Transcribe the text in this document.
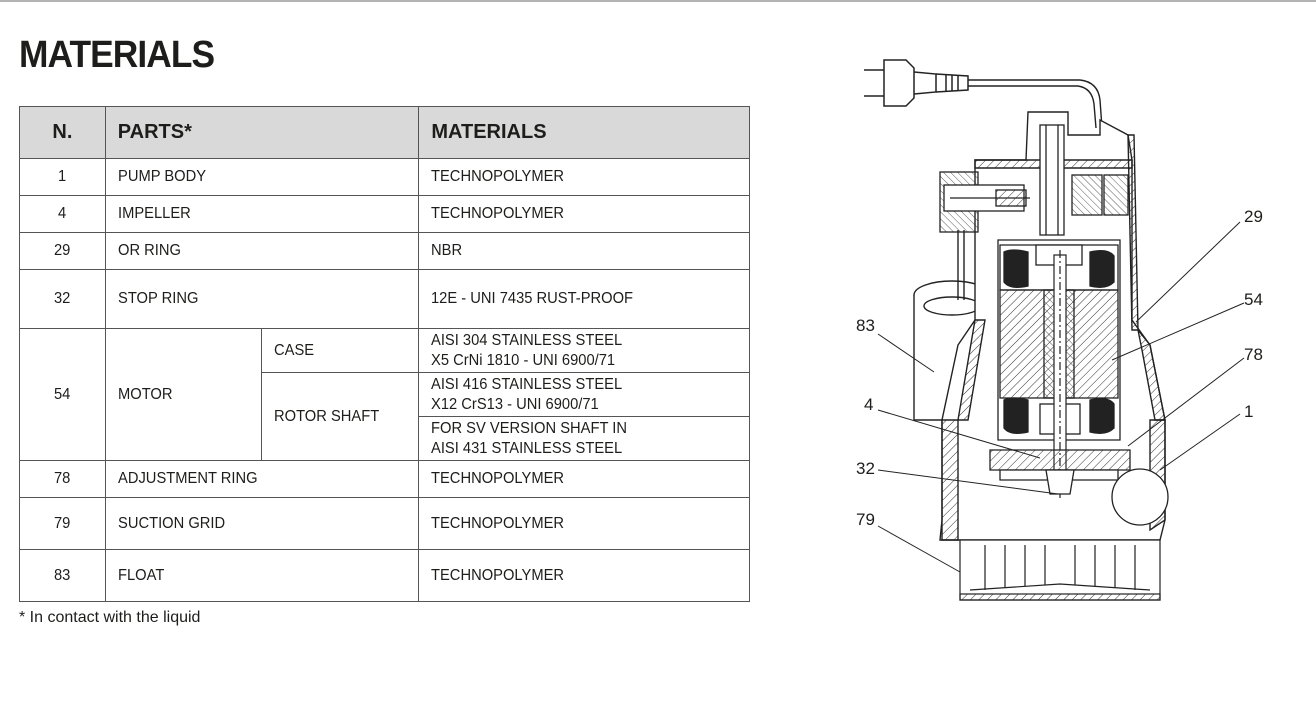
MATERIALS
N.	PARTS*		MATERIALS
1	PUMP BODY		TECHNOPOLYMER
4	IMPELLER		TECHNOPOLYMER
29	OR RING		NBR
32	STOP RING		12E - UNI 7435 RUST-PROOF
54	MOTOR	CASE	AISI 304 STAINLESS STEEL
X5 CrNi 1810 - UNI 6900/71
		ROTOR SHAFT	AISI 416 STAINLESS STEEL
X12 CrS13 - UNI 6900/71
			FOR SV VERSION SHAFT IN
AISI 431 STAINLESS STEEL
78	ADJUSTMENT RING		TECHNOPOLYMER
79	SUCTION GRID		TECHNOPOLYMER
83	FLOAT		TECHNOPOLYMER
* In contact with the liquid
29
54
78
1
83
4
32
79
